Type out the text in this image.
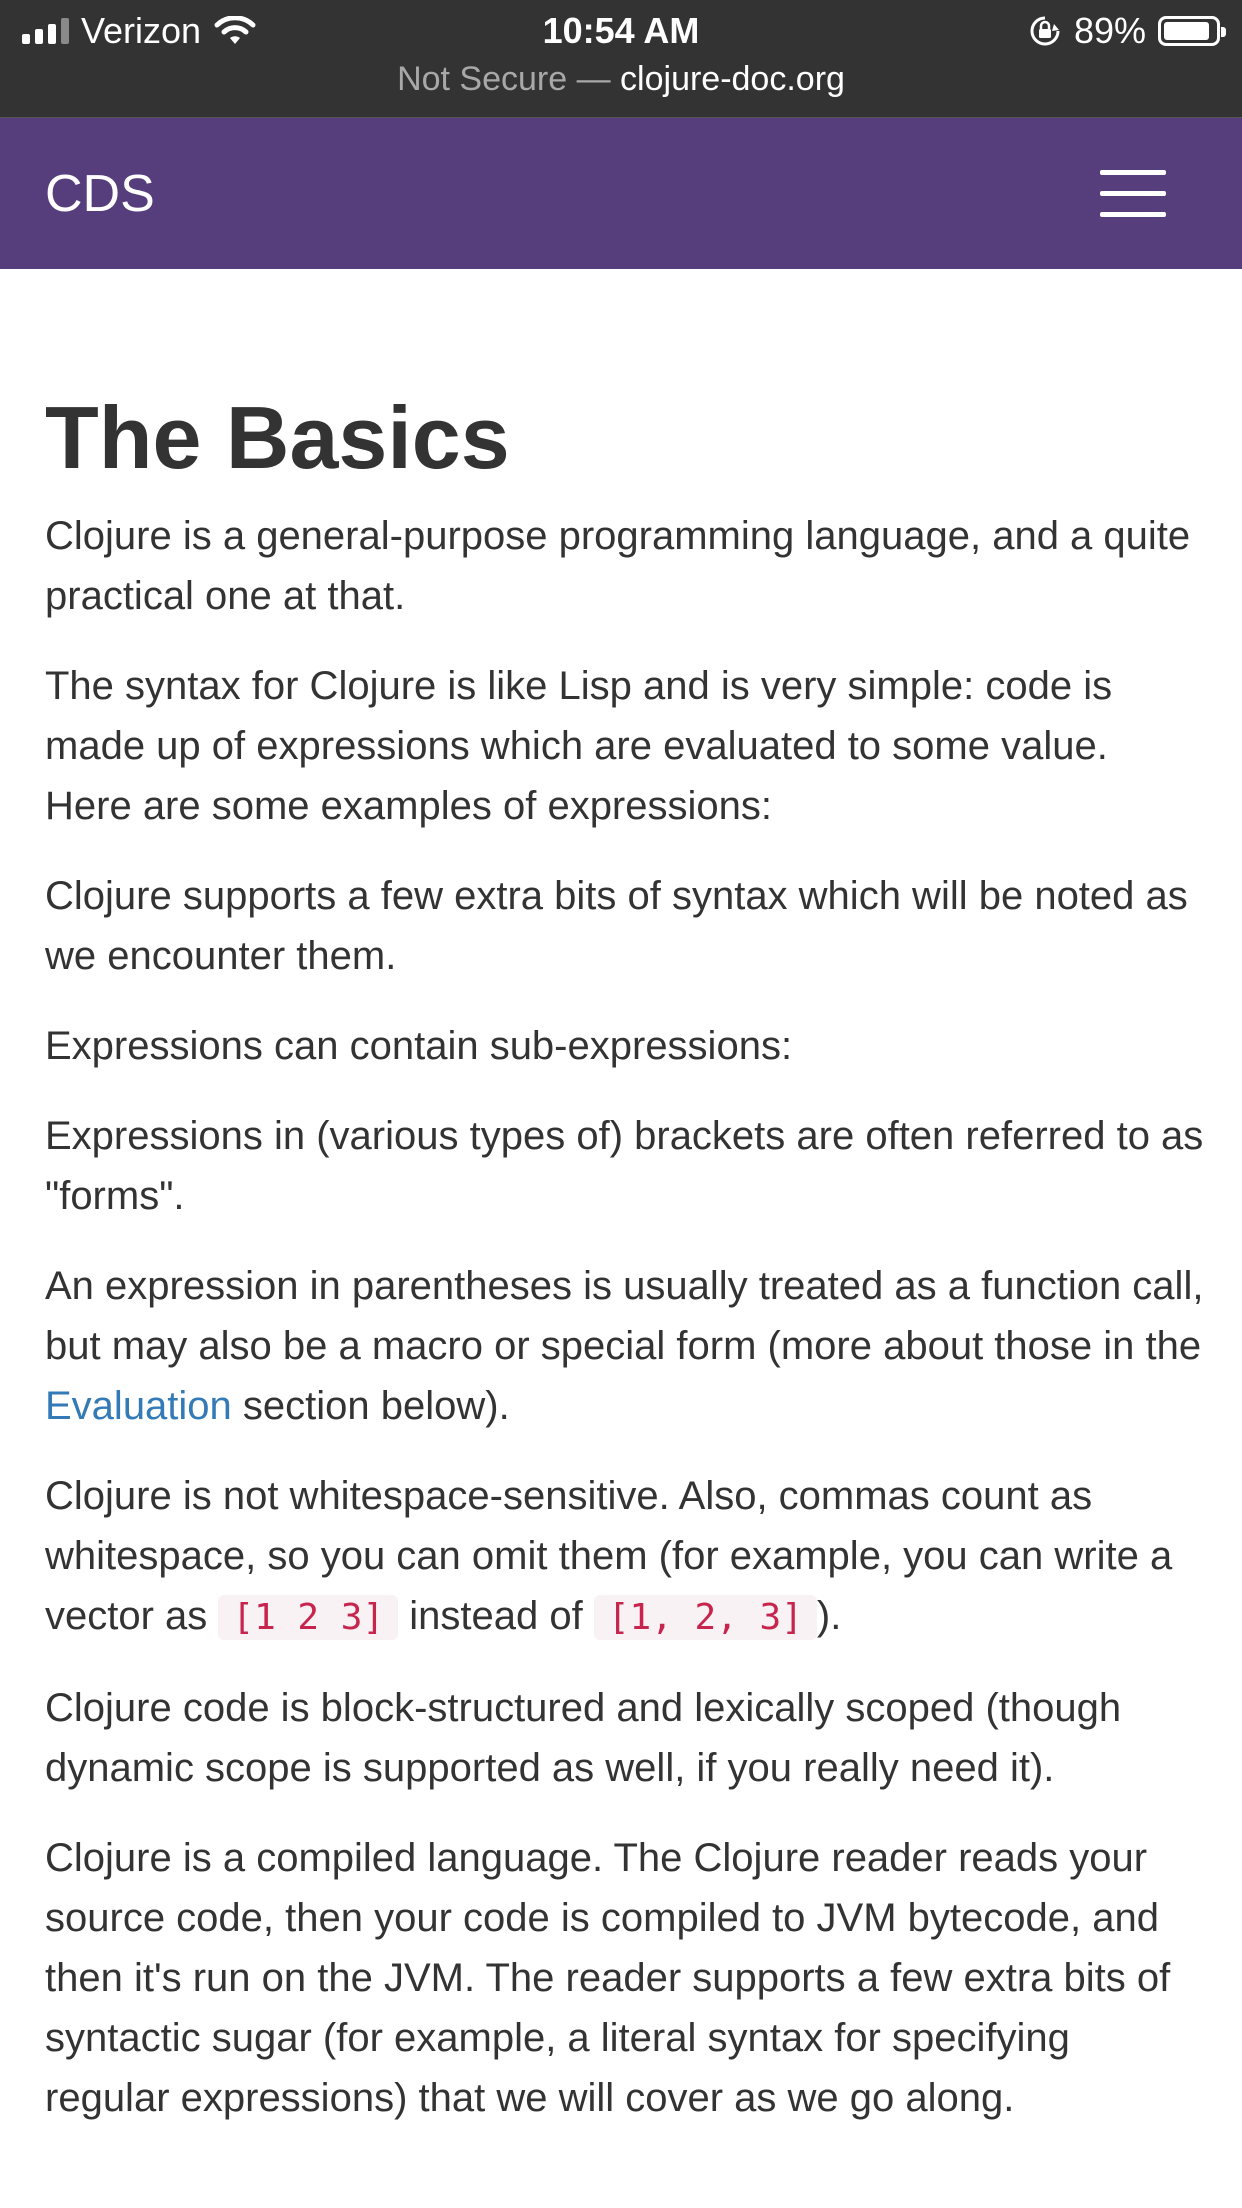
Verizon	10:54 AM	89%
Not Secure — clojure-doc.org
CDS
The Basics

Clojure is a general-purpose programming language, and a quite practical one at that.

The syntax for Clojure is like Lisp and is very simple: code is made up of expressions which are evaluated to some value. Here are some examples of expressions:

Clojure supports a few extra bits of syntax which will be noted as we encounter them.

Expressions can contain sub-expressions:

Expressions in (various types of) brackets are often referred to as "forms".

An expression in parentheses is usually treated as a function call, but may also be a macro or special form (more about those in the Evaluation section below).

Clojure is not whitespace-sensitive. Also, commas count as whitespace, so you can omit them (for example, you can write a vector as [1 2 3] instead of [1, 2, 3] ).

Clojure code is block-structured and lexically scoped (though dynamic scope is supported as well, if you really need it).

Clojure is a compiled language. The Clojure reader reads your source code, then your code is compiled to JVM bytecode, and then it's run on the JVM. The reader supports a few extra bits of syntactic sugar (for example, a literal syntax for specifying regular expressions) that we will cover as we go along.
